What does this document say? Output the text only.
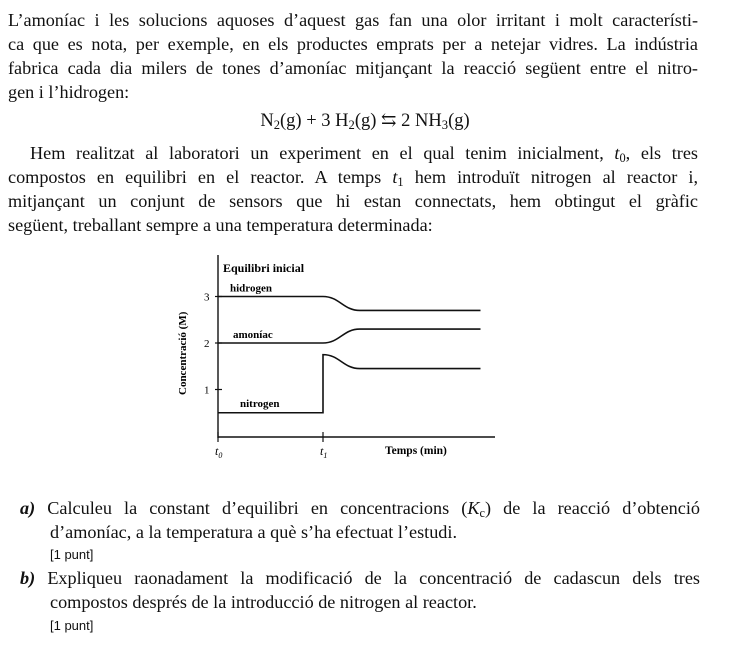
L’amoníac i les solucions aquoses d’aquest gas fan una olor irritant i molt característi-
ca que es nota, per exemple, en els productes emprats per a netejar vidres. La indústria
fabrica cada dia milers de tones d’amoníac mitjançant la reacció següent entre el nitro-
gen i l’hidrogen:
$N_2(g) + 3$ $H_2(g)$ ⇆ 2 $NH_3(g)$
Hem realitzat al laboratori un experiment en el qual tenim inicialment, $t_0$, els tres
compostos en equilibri en el reactor. A temps $t_1$ hem introduït nitrogen al reactor i,
mitjançant un conjunt de sensors que hi estan connectats, hem obtingut el gràfic
següent, treballant sempre a una temperatura determinada:
3
2
1
$t_0$	$t_1$	Temps (min)
Concentració (M)
Equilibri inicial
hidrogen
amoníac
nitrogen
a) Calculeu la constant d’equilibri en concentracions $(K_c)$ de la reacció d’obtenció
d’amoníac, a la temperatura a què s’ha efectuat l’estudi.
[1 punt]
b) Expliqueu raonadament la modificació de la concentració de cadascun dels tres
compostos després de la introducció de nitrogen al reactor.
[1 punt]
